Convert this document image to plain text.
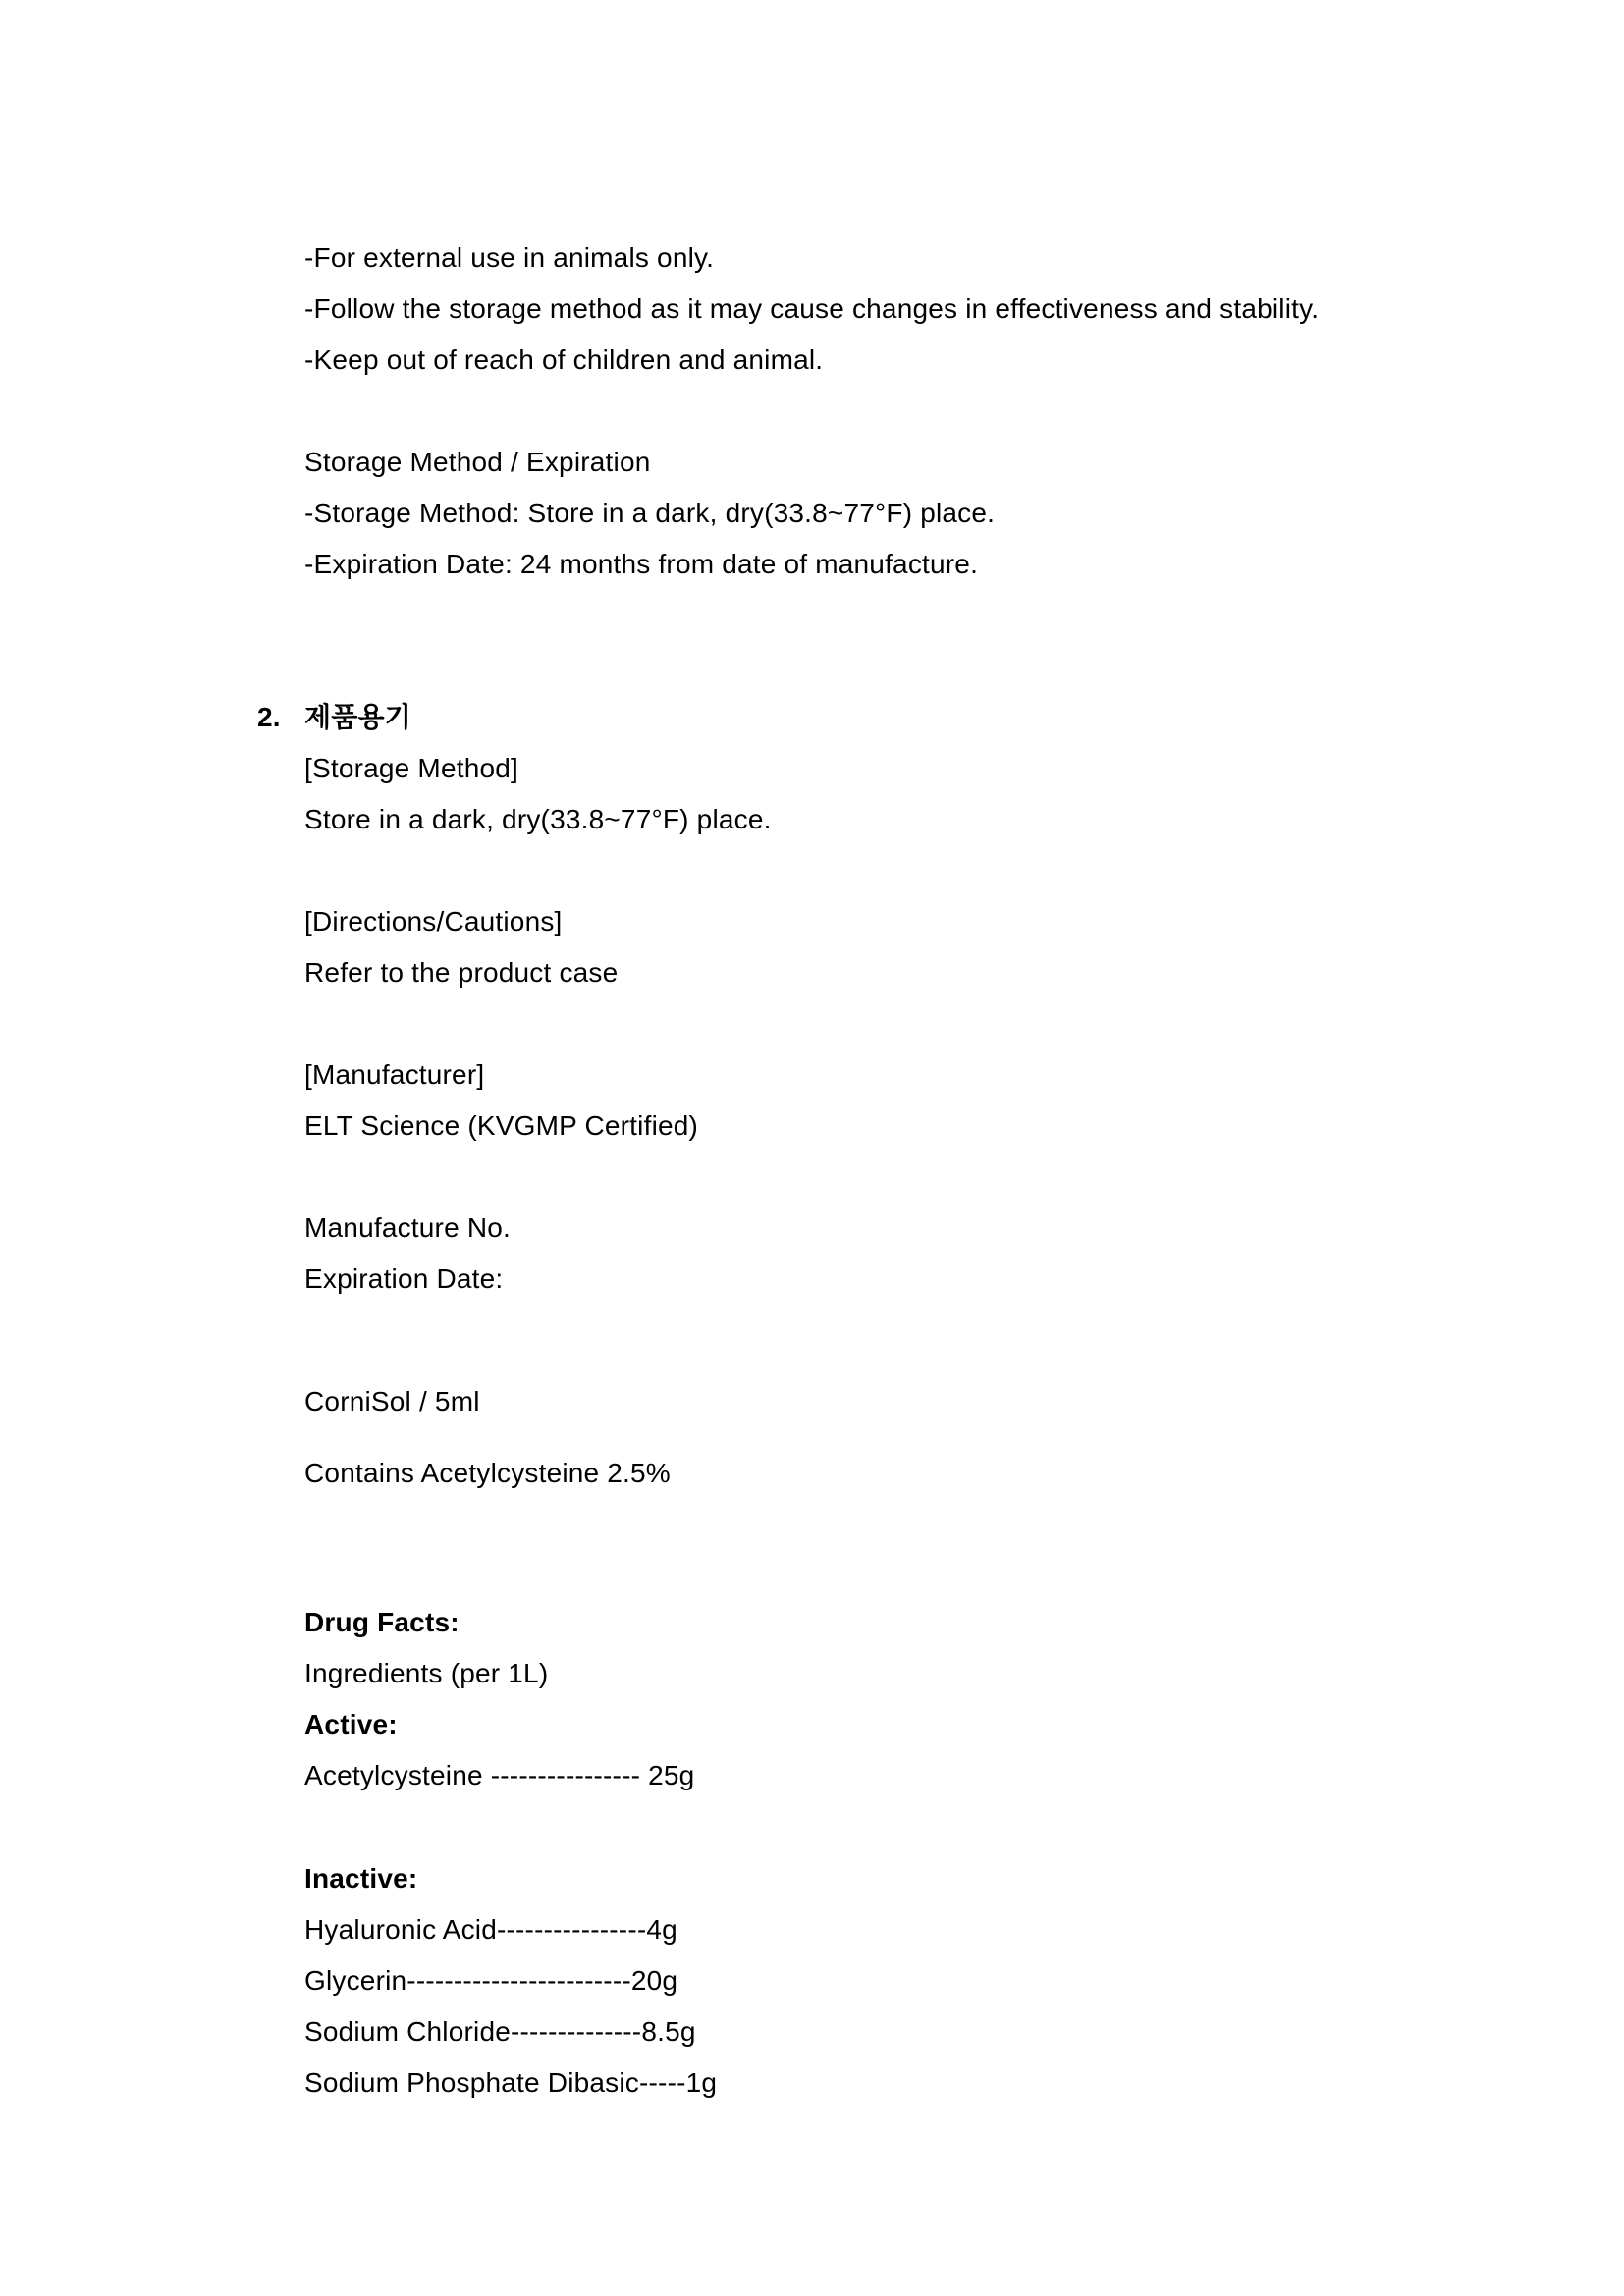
-For external use in animals only.
-Follow the storage method as it may cause changes in effectiveness and stability.
-Keep out of reach of children and animal.
Storage Method / Expiration
-Storage Method: Store in a dark, dry(33.8~77°F) place.
-Expiration Date: 24 months from date of manufacture.
2. 제품용기
[Storage Method]
Store in a dark, dry(33.8~77°F) place.
[Directions/Cautions]
Refer to the product case
[Manufacturer]
ELT Science (KVGMP Certified)
Manufacture No.
Expiration Date:
CorniSol / 5ml
Contains Acetylcysteine 2.5%
Drug Facts:
Ingredients (per 1L)
Active:
Acetylcysteine ---------------- 25g
Inactive:
Hyaluronic Acid----------------4g
Glycerin------------------------20g
Sodium Chloride--------------8.5g
Sodium Phosphate Dibasic-----1g
